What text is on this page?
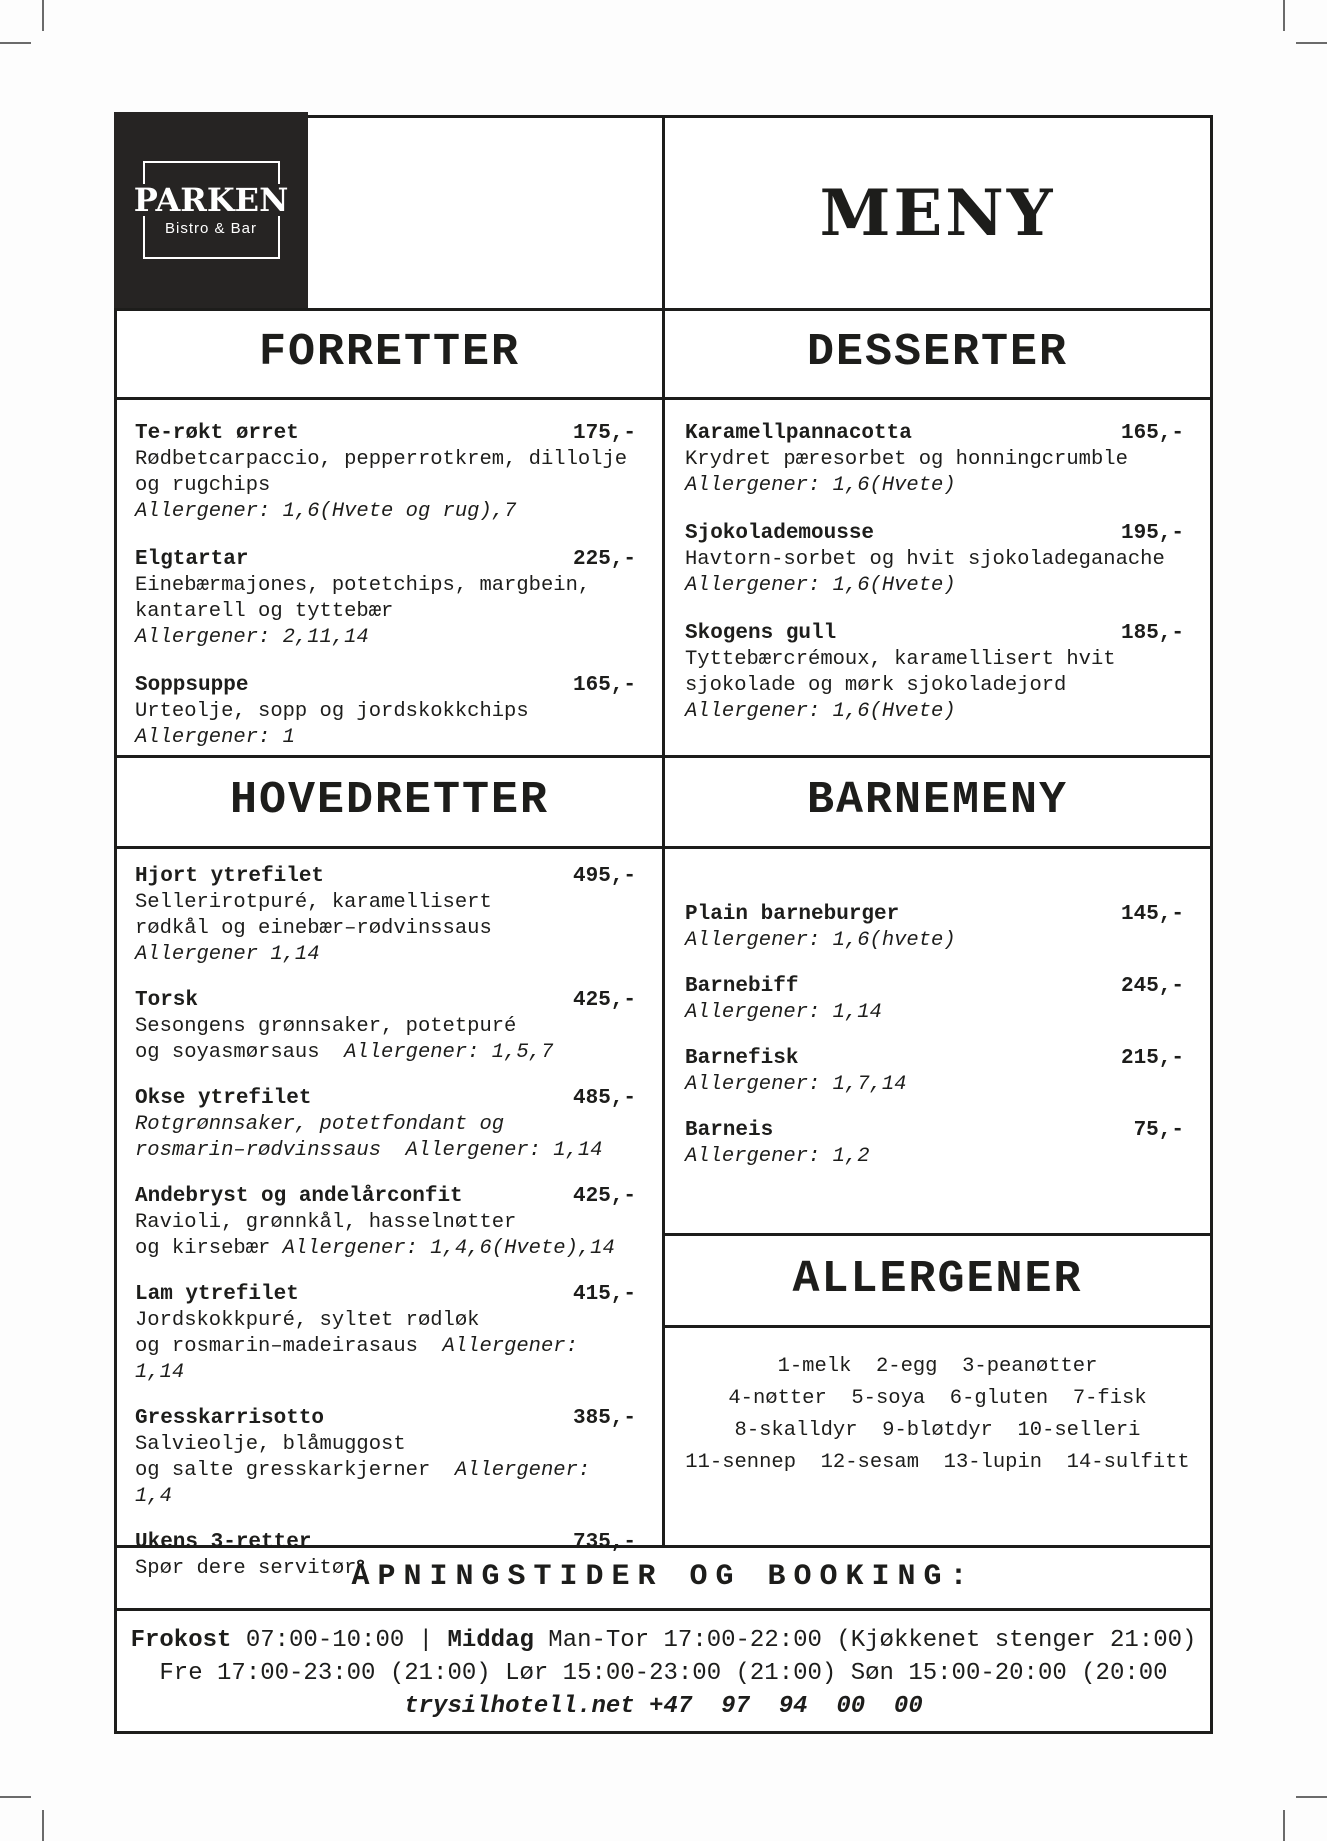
MENY
FORRETTER	DESSERTER
Te-røkt ørret	175,-
Rødbetcarpaccio, pepperrotkrem, dillolje
og rugchips
Allergener: 1,6(Hvete og rug),7
Elgtartar	225,-
Einebærmajones, potetchips, margbein,
kantarell og tyttebær
Allergener: 2,11,14
Soppsuppe	165,-
Urteolje, sopp og jordskokkchips
Allergener: 1
Karamellpannacotta	165,-
Krydret pæresorbet og honningcrumble
Allergener: 1,6(Hvete)
Sjokolademousse	195,-
Havtorn-sorbet og hvit sjokoladeganache
Allergener: 1,6(Hvete)
Skogens gull	185,-
Tyttebærcrémoux, karamellisert hvit
sjokolade og mørk sjokoladejord
Allergener: 1,6(Hvete)
HOVEDRETTER	BARNEMENY
Hjort ytrefilet	495,-
Sellerirotpuré, karamellisert
rødkål og einebær–rødvinssaus
Allergener 1,14
Torsk	425,-
Sesongens grønnsaker, potetpuré
og soyasmørsaus  Allergener: 1,5,7
Okse ytrefilet	485,-
Rotgrønnsaker, potetfondant og
rosmarin–rødvinssaus  Allergener: 1,14
Andebryst og andelårconfit	425,-
Ravioli, grønnkål, hasselnøtter
og kirsebær Allergener: 1,4,6(Hvete),14
Lam ytrefilet	415,-
Jordskokkpuré, syltet rødløk
og rosmarin–madeirasaus  Allergener: 1,14
Gresskarrisotto	385,-
Salvieolje, blåmuggost
og salte gresskarkjerner  Allergener: 1,4
Ukens 3-retter	735,-
Spør dere servitør
Plain barneburger	145,-
Allergener: 1,6(hvete)
Barnebiff	245,-
Allergener: 1,14
Barnefisk	215,-
Allergener: 1,7,14
Barneis	75,-
Allergener: 1,2
ALLERGENER
1-melk  2-egg  3-peanøtter
4-nøtter  5-soya  6-gluten  7-fisk
8-skalldyr  9-bløtdyr  10-selleri
11-sennep  12-sesam  13-lupin  14-sulfitt
ÅPNINGSTIDER OG BOOKING:
Frokost 07:00-10:00 | Middag Man-Tor 17:00-22:00 (Kjøkkenet stenger 21:00)
Fre 17:00-23:00 (21:00) Lør 15:00-23:00 (21:00) Søn 15:00-20:00 (20:00
trysilhotell.net +47  97  94  00  00
PARKEN
Bistro & Bar
